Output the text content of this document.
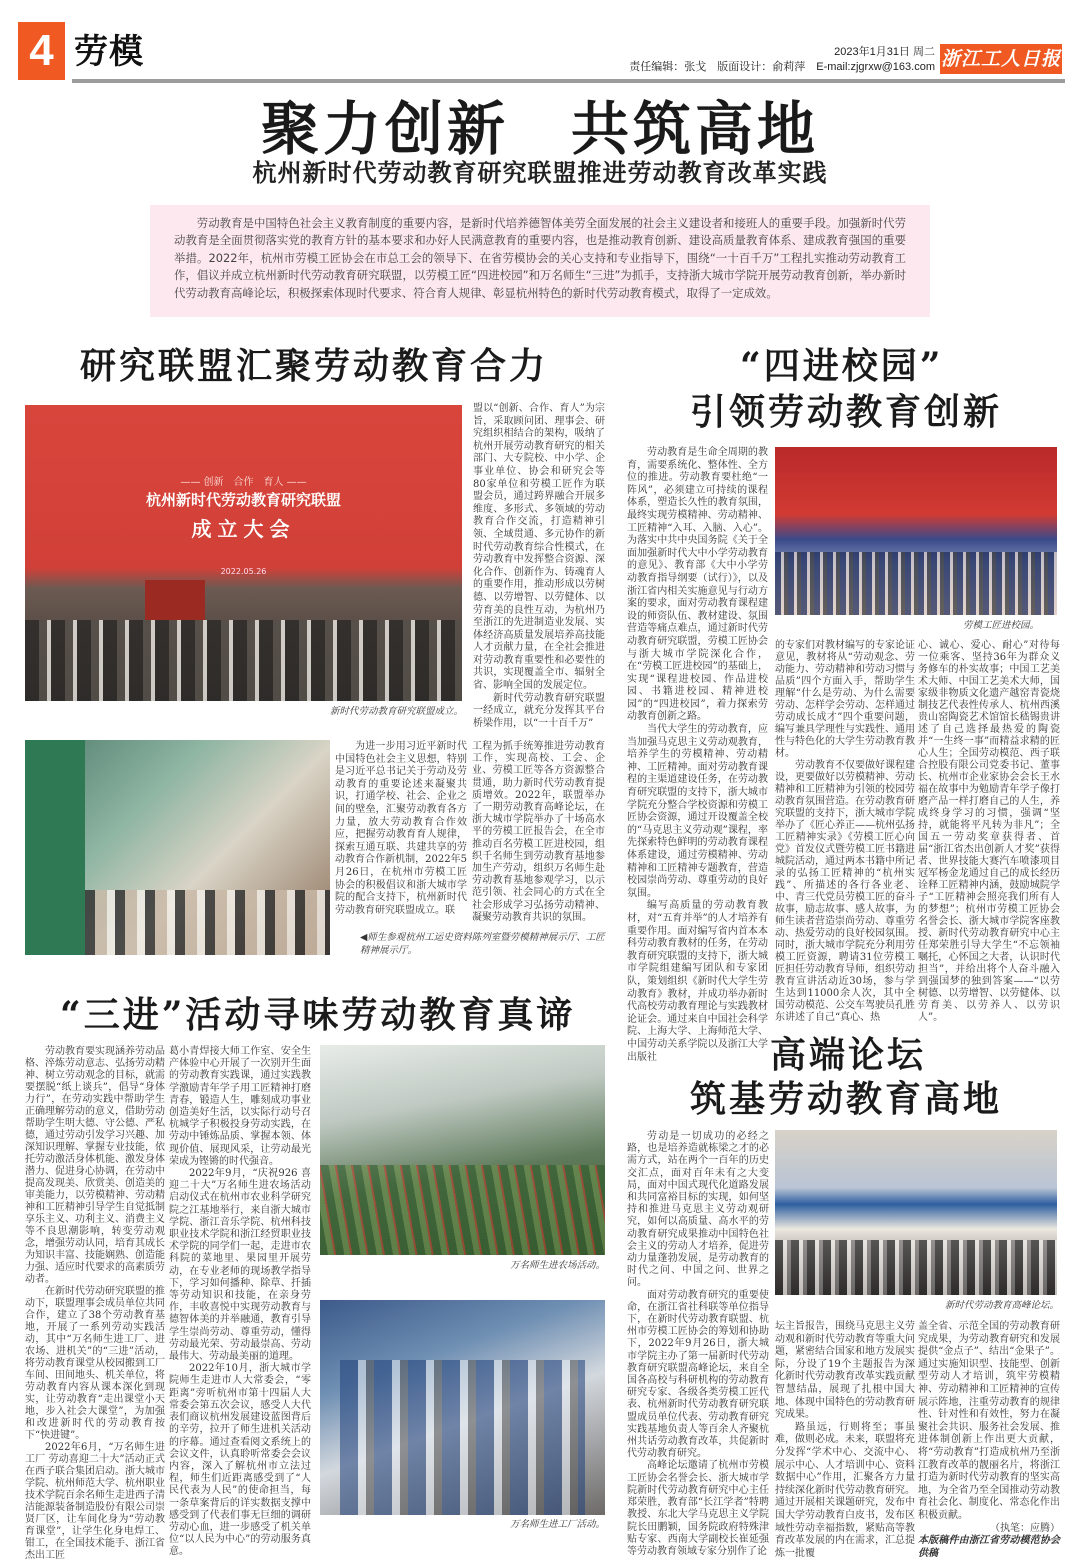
4 劳模	2023年1月31日 周二
责任编辑：张戈　版面设计：俞莉萍　E-mail:zjgrxw@163.com 浙江工人日报
聚力创新　共筑高地
杭州新时代劳动教育研究联盟推进劳动教育改革实践

劳动教育是中国特色社会主义教育制度的重要内容，是新时代培养德智体美劳全面发展的社会主义建设者和接班人的重要手段。加强新时代劳动教育是全面贯彻落实党的教育方针的基本要求和办好人民满意教育的重要内容，也是推动教育创新、建设高质量教育体系、建成教育强国的重要举措。2022年，杭州市劳模工匠协会在市总工会的领导下、在省劳模协会的关心支持和专业指导下，围绕“一十百千万”工程扎实推动劳动教育工作，倡议并成立杭州新时代劳动教育研究联盟，以劳模工匠“四进校园”和万名师生“三进”为抓手，支持浙大城市学院开展劳动教育创新，举办新时代劳动教育高峰论坛，积极探索体现时代要求、符合育人规律、彰显杭州特色的新时代劳动教育模式，取得了一定成效。

研究联盟汇聚劳动教育合力
—— 创新　合作　育人 ——
杭州新时代劳动教育研究联盟
成立大会
2022.05.26
新时代劳动教育研究联盟成立。

盟以“创新、合作、育人”为宗旨，采取顾问团、理事会、研究组织相结合的架构，吸纳了杭州开展劳动教育研究的相关部门、大专院校、中小学、企事业单位、协会和研究会等80家单位和劳模工匠作为联盟会员，通过跨界融合开展多维度、多形式、多领域的劳动教育合作交流，打造精神引领、全域贯通、多元协作的新时代劳动教育综合性模式，在劳动教育中发挥整合资源、深化合作、创新作为、铸魂育人的重要作用，推动形成以劳树德、以劳增智、以劳健体、以劳育美的良性互动，为杭州乃至浙江的先进制造业发展、实体经济高质量发展培养高技能人才贡献力量，在全社会推进对劳动教育重要性和必要性的共识，实现覆盖全市、辐射全省、影响全国的发展定位。

新时代劳动教育研究联盟一经成立，就充分发挥其平台桥梁作用，以“一十百千万”

为进一步用习近平新时代中国特色社会主义思想，特别是习近平总书记关于劳动及劳动教育的重要论述来凝聚共识，打通学校、社会、企业之间的壁垒，汇聚劳动教育各方力量，放大劳动教育合作效应，把握劳动教育育人规律，探索互通互联、共建共享的劳动教育合作新机制，2022年5月26日，在杭州市劳模工匠协会的积极倡议和浙大城市学院的配合支持下，杭州新时代劳动教育研究联盟成立。联

工程为抓手统筹推进劳动教育工作，实现高校、工会、企业、劳模工匠等各方资源整合贯通，助力新时代劳动教育提质增效。2022年，联盟举办了一期劳动教育高峰论坛，在浙大城市学院举办了十场高水平的劳模工匠报告会，在全市推动百名劳模工匠进校园，组织千名师生到劳动教育基地参加生产劳动，组织万名师生赴劳动教育基地参观学习，以示范引领、社会同心的方式在全社会形成学习弘扬劳动精神、凝聚劳动教育共识的氛围。

◀师生参观杭州工运史资料陈列室暨劳模精神展示厅、工匠精神展示厅。
“四进校园”
引领劳动教育创新

劳动教育是生命全周期的教育，需要系统化、整体性、全方位的推进。劳动教育要杜绝“一阵风”，必须建立可持续的课程体系，塑造长久性的教育氛围，最终实现劳模精神、劳动精神、工匠精神“入耳、入脑、入心”。为落实中共中央国务院《关于全面加强新时代大中小学劳动教育的意见》、教育部《大中小学劳动教育指导纲要（试行）》，以及浙江省内相关实施意见与行动方案的要求，面对劳动教育课程建设的师资队伍、教材建设、氛围营造等痛点难点，通过新时代劳动教育研究联盟，劳模工匠协会与浙大城市学院深化合作，在“劳模工匠进校园”的基础上，实现“课程进校园、作品进校园、书籍进校园、精神进校园”的“四进校园”，着力探索劳动教育创新之路。

当代大学生的劳动教育，应当加强马克思主义劳动观教育，培养学生的劳模精神、劳动精神、工匠精神。面对劳动教育课程的主渠道建设任务，在劳动教育研究联盟的支持下，浙大城市学院充分整合学校资源和劳模工匠协会资源，通过开设覆盖全校的“马克思主义劳动观”课程，率先探索特色鲜明的劳动教育课程体系建设，通过劳模精神、劳动精神和工匠精神专题教育，营造校园崇尚劳动、尊重劳动的良好氛围。

编写高质量的劳动教育教材，对“五育并举”的人才培养有重要作用。面对编写省内首本本科劳动教育教材的任务，在劳动教育研究联盟的支持下，浙大城市学院组建编写团队和专家团队，策划组织《新时代大学生劳动教育》教材，并成功举办新时代高校劳动教育理论与实践教材论证会。通过来自中国社会科学院、上海大学、上海师范大学、中国劳动关系学院以及浙江大学出版社

劳模工匠进校园。

的专家们对教材编写的专家论证意见，教材将从“劳动观念、劳动能力、劳动精神和劳动习惯与品质”四个方面入手，帮助学生理解“什么是劳动、为什么需要劳动、怎样学会劳动、怎样通过劳动成长成才”四个重要问题，编写兼具学理性与实践性、通用性与特色化的大学生劳动教育教材。

劳动教育不仅要做好课程建设，更要做好以劳模精神、劳动精神和工匠精神为引领的校园劳动教育氛围营造。在劳动教育研究联盟的支持下，浙大城市学院举办了《匠心养正——杭州弘扬工匠精神实录》《劳模工匠心向党》首发仪式暨劳模工匠书籍进城院活动，通过两本书籍中所记录的弘扬工匠精神的“杭州实践”、所描述的各行各业老、中、青三代党员劳模工匠的奋斗故事，励志故事、感人故事，为师生读者营造崇尚劳动、尊重劳动、热爱劳动的良好校园氛围。同时，浙大城市学院充分利用劳模工匠资源，聘请31位劳模工匠担任劳动教育导师，组织劳动教育宣讲活动近30场，参与学生达到11000余人次，其中全国劳动模范、公交车驾驶员孔胜东讲述了自己“真心、热

心、诚心、爱心、耐心”对待每一位乘客、坚持36年为群众义务修车的朴实故事；中国工艺美术大师、中国工艺美术大师，国家级非物质文化遗产越窑青瓷烧制技艺代表性传承人、杭州西溪贵山窑陶瓷艺术馆馆长嵇锡贵讲述了自己选择最热爱的陶瓷并“一生终一事”而精益求精的匠心人生；全国劳动模范、西子联合控股有限公司党委书记、董事长、杭州市企业家协会会长王水福在故事中为勉励青年学子像打磨产品一样打磨自己的人生，养成终身学习的习惯，强调“坚持，就能将平凡转为非凡”；全国五一劳动奖章获得者、首届“浙江省杰出创新人才奖”获得者、世界技能大赛汽车喷漆项目冠军杨金龙通过自己的成长经历诠释工匠精神内涵，鼓励城院学子“工匠精神会照亮我们所有人的梦想”；杭州市劳模工匠协会名誉会长、浙大城市学院客座教授、新时代劳动教育研究中心主任郑荣胜引导大学生“不忘领袖嘱托，心怀国之大者，认识时代担当”，并给出将个人奋斗融入到强国梦的独到答案——“以劳树德、以劳增智、以劳健体、以劳育美、以劳养人、以劳识人”。

“三进”活动寻味劳动教育真谛

劳动教育要实现涵养劳动品格、淬炼劳动意志、弘扬劳动精神、树立劳动观念的目标，就需要摆脱“纸上谈兵”，倡导“身体力行”，在劳动实践中帮助学生正确理解劳动的意义，借助劳动帮助学生明大德、守公德、严私德，通过劳动引发学习兴趣、加深知识理解、掌握专业技能，依托劳动激活身体机能、激发身体潜力、促进身心协调，在劳动中提高发现美、欣赏美、创造美的审美能力，以劳模精神、劳动精神和工匠精神引导学生自觉抵制享乐主义、功利主义、消费主义等不良思潮影响，转变劳动观念，增强劳动认同，培育其成长为知识丰富、技能娴熟、创造能力强、适应时代要求的高素质劳动者。

在新时代劳动研究联盟的推动下，联盟理事会成员单位共同合作，建立了38个劳动教育基地，开展了一系列劳动实践活动，其中“万名师生进工厂、进农场、进机关”的“三进”活动，将劳动教育课堂从校园搬到工厂车间、田间地头、机关单位，将劳动教育内容从课本深化到现实，让劳动教育“走出课堂小天地，步入社会大课堂”，为加强和改进新时代的劳动教育按下“快进键”。

2022年6月，“万名师生进工厂 劳动喜迎二十大”活动正式在西子联合集团启动。浙大城市学院、杭州师范大学、杭州职业技术学院百余名师生走进西子清洁能源装备制造股份有限公司崇贤厂区，让车间化身为“劳动教育课堂”，让学生化身电焊工、钳工，在全国技术能手、浙江省杰出工匠

葛小青焊接大师工作室、安全生产体验中心开展了一次别开生面的劳动教育实践课，通过实践教学激励青年学子用工匠精神打磨青春，锻造人生，雕刻成功事业创造美好生活，以实际行动号召杭城学子积极投身劳动实践，在劳动中锤炼品质、掌握本领、体现价值、展现风采，让劳动最光荣成为铿锵的时代强音。

2022年9月，“庆祝926 喜迎二十大”万名师生进农场活动启动仪式在杭州市农业科学研究院之江基地举行，来自浙大城市学院、浙江音乐学院、杭州科技职业技术学院和浙江经贸职业技术学院的同学们一起，走进市农科院的菜地里、果园里开展劳动，在专业老师的现场教学指导下，学习如何播种、除草、扦插等劳动知识和技能，在亲身劳作，丰收喜悦中实现劳动教育与德智体美的并举融通，教育引导学生崇尚劳动、尊重劳动，懂得劳动最光荣、劳动最崇高、劳动最伟大、劳动最美丽的道理。

2022年10月，浙大城市学院师生走进市人大常委会，“零距离”旁听杭州市第十四届人大常委会第五次会议，感受人大代表们商议杭州发展建设蓝图背后的辛劳，拉开了师生进机关活动的序幕。通过查看阅文系统上的会议文件，认真聆听常委会会议内容，深入了解杭州市立法过程，师生们近距离感受到了“人民代表为人民”的使命担当，每一条草案背后的详实数据支撑中感受到了代表们事无巨细的调研劳动心血，进一步感受了机关单位“以人民为中心”的劳动服务真意。

万名师生进农场活动。
万名师生进工厂活动。
高端论坛
筑基劳动教育高地

劳动是一切成功的必经之路，也是培养造就栋梁之才的必需方式，站在两个一百年的历史交汇点，面对百年未有之大变局，面对中国式现代化道路发展和共同富裕目标的实现，如何坚持和推进马克思主义劳动观研究，如何以高质量、高水平的劳动教育研究成果推动中国特色社会主义的劳动人才培养，促进劳动力量蓬勃发展，是劳动教育的时代之问、中国之问、世界之问。

面对劳动教育研究的重要使命，在浙江省社科联等单位指导下，在新时代劳动教育联盟、杭州市劳模工匠协会的筹划和协助下，2022年9月26日，浙大城市学院主办了第一届新时代劳动教育研究联盟高峰论坛，来自全国各高校与科研机构的劳动教育研究专家、各级各类劳模工匠代表、杭州新时代劳动教育研究联盟成员单位代表、劳动教育研究实践基地负责人等百余人齐聚杭州共话劳动教育改革，共促新时代劳动教育研究。

高峰论坛邀请了杭州市劳模工匠协会名誉会长、浙大城市学院新时代劳动教育研究中心主任郑荣胜，教育部“长江学者”特聘教授、东北大学马克思主义学院院长田鹏颖，国务院政府特殊津贴专家、西南大学副校长崔延强等劳动教育领域专家分别作了论

新时代劳动教育高峰论坛。

坛主旨报告，围绕马克思主义劳动观和新时代劳动教育等重大问题，紧密结合国家和地方发展实际，分设了19个主题报告为深化新时代劳动教育改革实践贡献智慧结晶，展现了扎根中国大地、体现中国特色的劳动教育研究成果。

路虽远，行则将至；事虽难，做则必成。未来，联盟将充分发挥“学术中心、交流中心、展示中心、人才培训中心、资料数据中心”作用，汇聚各方力量持续深化新时代劳动教育研究。通过开展相关课题研究，发布中国大学劳动教育白皮书，发布区域性劳动幸福指数，紧贴高等教育改革发展的内在需求，汇总提炼一批覆

盖全省、示范全国的劳动教育研究成果，为劳动教育研究和发展提供“金点子”、结出“金果子”。通过实施知识型、技能型、创新型劳动人才培训，筑牢劳模精神、劳动精神和工匠精神的宣传展示阵地，注重劳动教育的规律性、针对性和有效性，努力在凝聚社会共识、服务社会发展、推进体制创新上作出更大贡献，将“劳动教育”打造成杭州乃至浙江教育改革的靓丽名片，将浙江打造为新时代劳动教育的坚实高地，为全省乃至全国推动劳动教育社会化、制度化、常态化作出积极贡献。

（执笔：应腾）

本版稿件由浙江省劳动模范协会供稿
